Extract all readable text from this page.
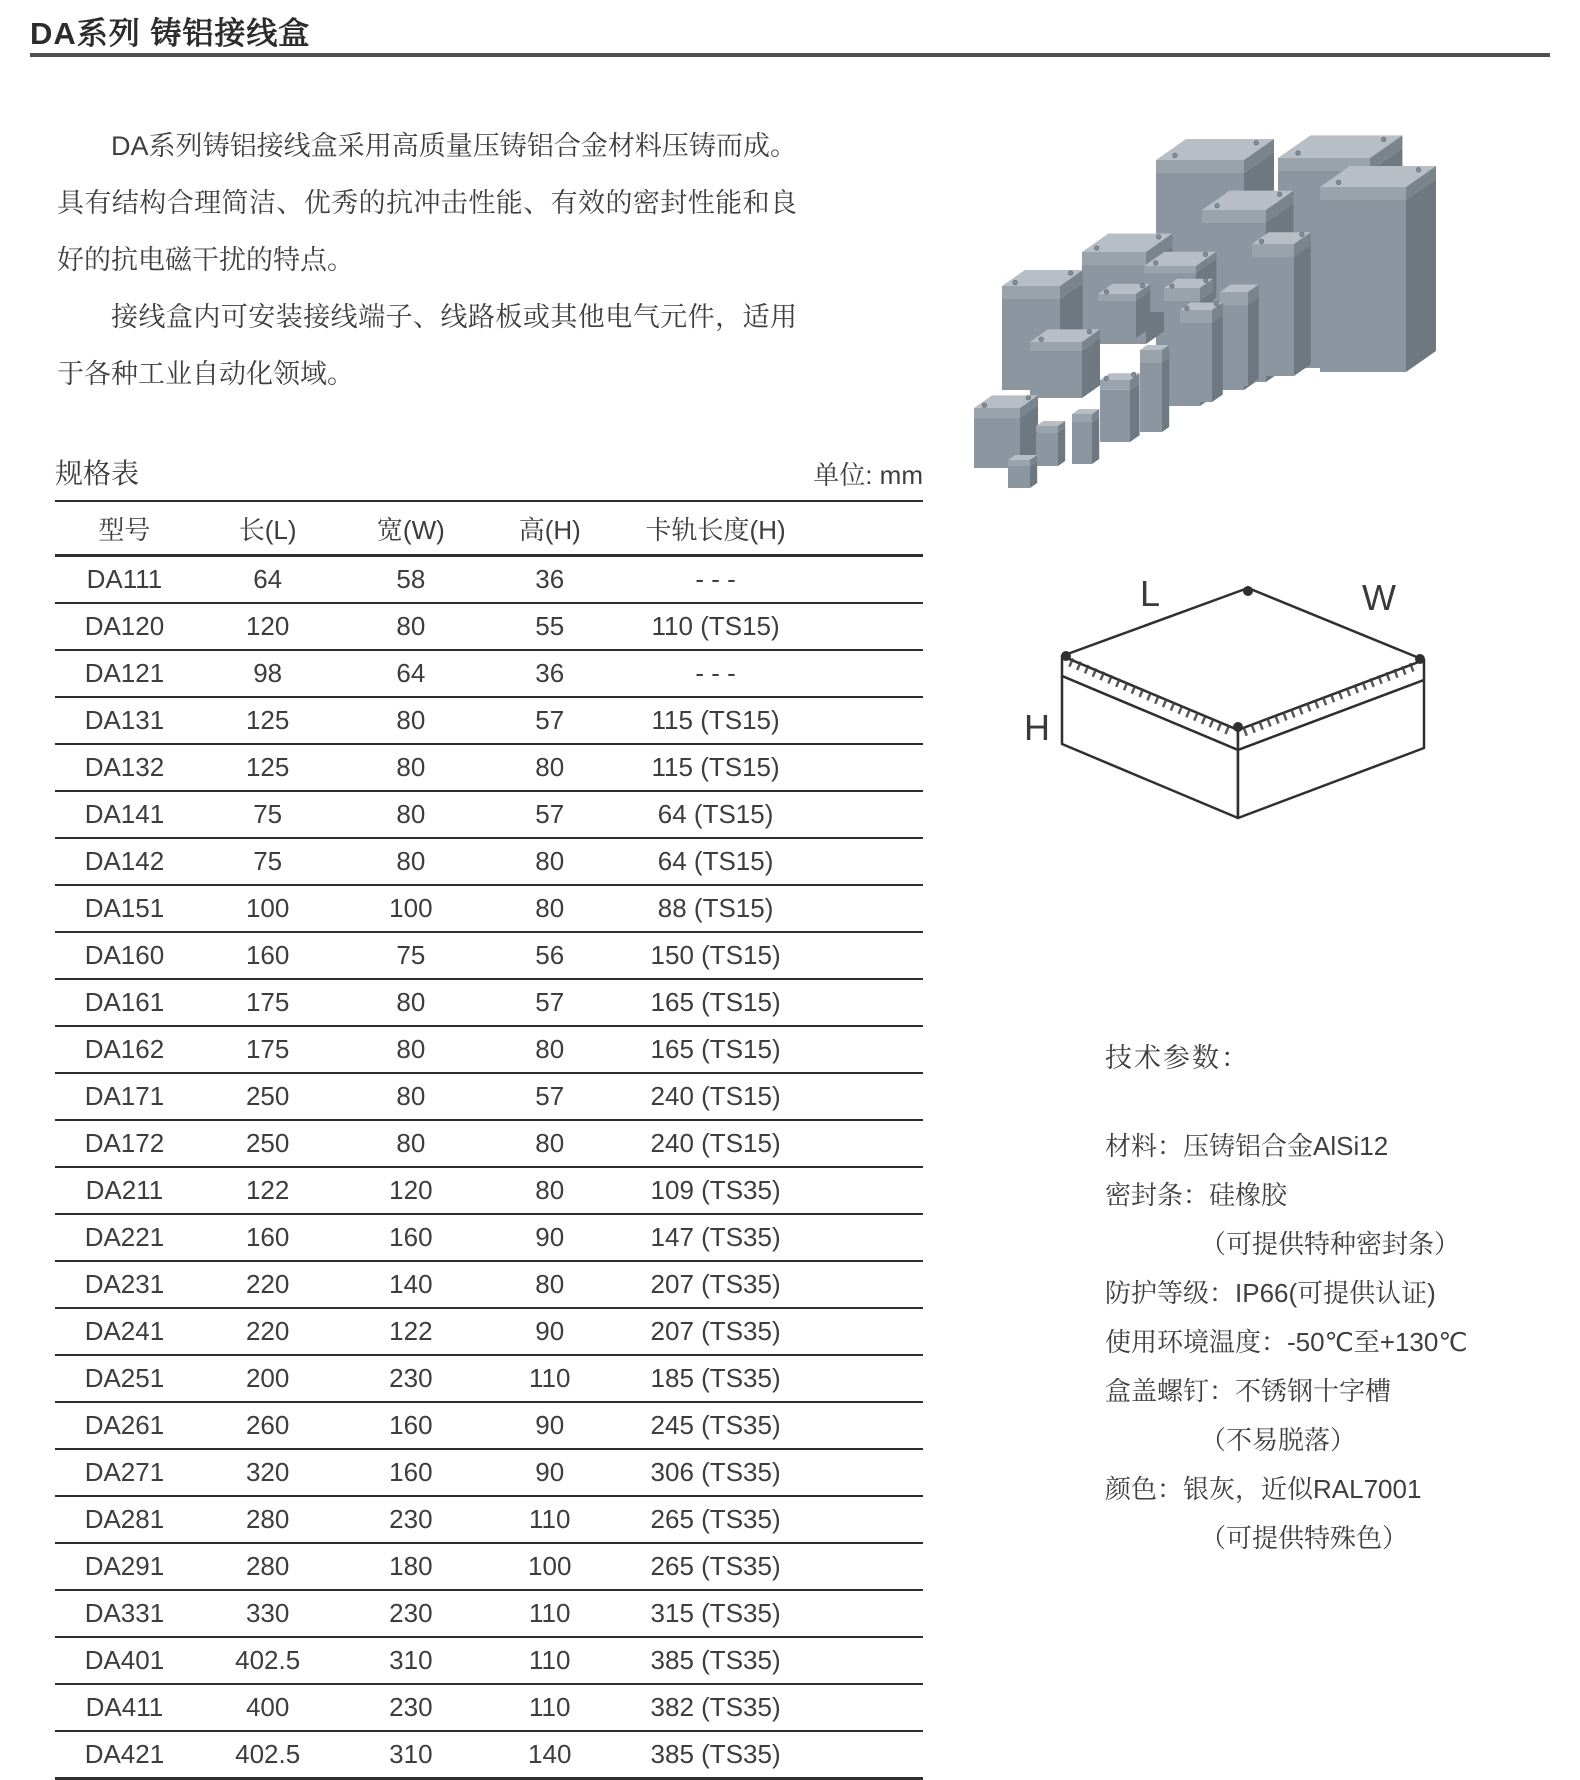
DA系列 铸铝接线盒

DA系列铸铝接线盒采用高质量压铸铝合金材料压铸而成。具有结构合理简洁、优秀的抗冲击性能、有效的密封性能和良好的抗电磁干扰的特点。

接线盒内可安装接线端子、线路板或其他电气元件，适用于各种工业自动化领域。

规格表	单位: mm
型号	长(L)	宽(W)	高(H)	卡轨长度(H)
DA111	64	58	36	- - -
DA120	120	80	55	110 (TS15)
DA121	98	64	36	- - -
DA131	125	80	57	115 (TS15)
DA132	125	80	80	115 (TS15)
DA141	75	80	57	64 (TS15)
DA142	75	80	80	64 (TS15)
DA151	100	100	80	88 (TS15)
DA160	160	75	56	150 (TS15)
DA161	175	80	57	165 (TS15)
DA162	175	80	80	165 (TS15)
DA171	250	80	57	240 (TS15)
DA172	250	80	80	240 (TS15)
DA211	122	120	80	109 (TS35)
DA221	160	160	90	147 (TS35)
DA231	220	140	80	207 (TS35)
DA241	220	122	90	207 (TS35)
DA251	200	230	110	185 (TS35)
DA261	260	160	90	245 (TS35)
DA271	320	160	90	306 (TS35)
DA281	280	230	110	265 (TS35)
DA291	280	180	100	265 (TS35)
DA331	330	230	110	315 (TS35)
DA401	402.5	310	110	385 (TS35)
DA411	400	230	110	382 (TS35)
DA421	402.5	310	140	385 (TS35)
L	W
H
技术参数：
材料：压铸铝合金AlSi12
密封条：硅橡胶
（可提供特种密封条）
防护等级：IP66(可提供认证)
使用环境温度：-50℃至+130℃
盒盖螺钉：不锈钢十字槽
（不易脱落）
颜色：银灰，近似RAL7001
（可提供特殊色）
